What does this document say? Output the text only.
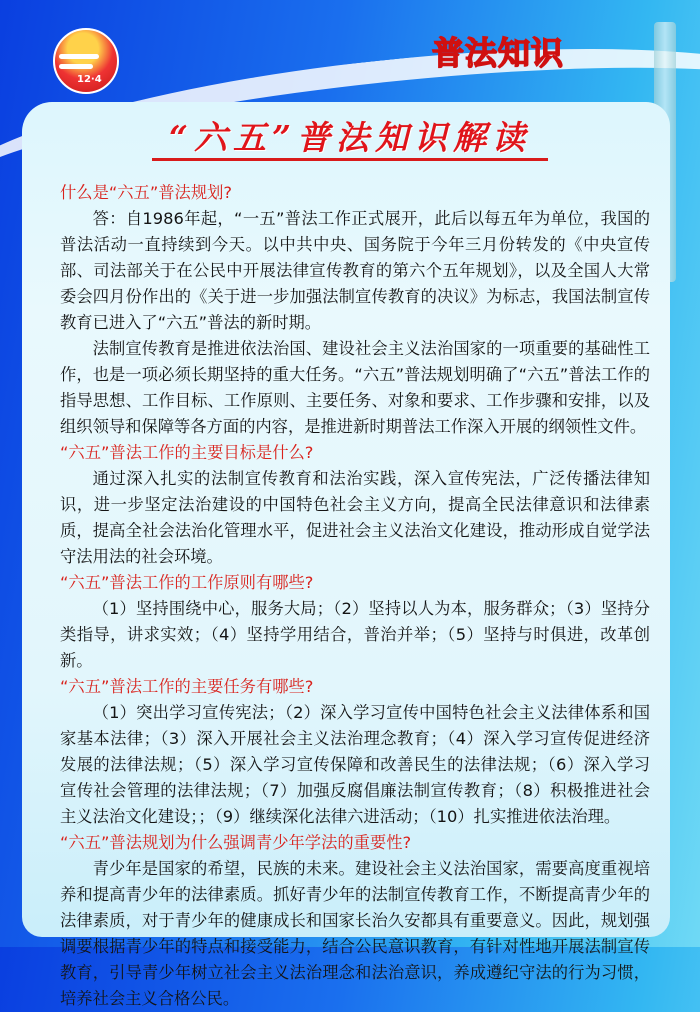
12·4
普法知识
“六五”普法知识解读

什么是“六五”普法规划?

答：自1986年起，“一五”普法工作正式展开，此后以每五年为单位，我国的普法活动一直持续到今天。以中共中央、国务院于今年三月份转发的《中央宣传部、司法部关于在公民中开展法律宣传教育的第六个五年规划》，以及全国人大常委会四月份作出的《关于进一步加强法制宣传教育的决议》为标志，我国法制宣传教育已进入了“六五”普法的新时期。

法制宣传教育是推进依法治国、建设社会主义法治国家的一项重要的基础性工作，也是一项必须长期坚持的重大任务。“六五”普法规划明确了“六五”普法工作的指导思想、工作目标、工作原则、主要任务、对象和要求、工作步骤和安排，以及组织领导和保障等各方面的内容，是推进新时期普法工作深入开展的纲领性文件。

“六五”普法工作的主要目标是什么?

通过深入扎实的法制宣传教育和法治实践，深入宣传宪法，广泛传播法律知识，进一步坚定法治建设的中国特色社会主义方向，提高全民法律意识和法律素质，提高全社会法治化管理水平，促进社会主义法治文化建设，推动形成自觉学法守法用法的社会环境。

“六五”普法工作的工作原则有哪些?

（1）坚持围绕中心，服务大局；（2）坚持以人为本，服务群众；（3）坚持分类指导，讲求实效；（4）坚持学用结合，普治并举；（5）坚持与时俱进，改革创新。

“六五”普法工作的主要任务有哪些?

（1）突出学习宣传宪法；（2）深入学习宣传中国特色社会主义法律体系和国家基本法律；（3）深入开展社会主义法治理念教育；（4）深入学习宣传促进经济发展的法律法规；（5）深入学习宣传保障和改善民生的法律法规；（6）深入学习宣传社会管理的法律法规；（7）加强反腐倡廉法制宣传教育；（8）积极推进社会主义法治文化建设；；（9）继续深化法律六进活动；（10）扎实推进依法治理。

“六五”普法规划为什么强调青少年学法的重要性?

青少年是国家的希望，民族的未来。建设社会主义法治国家，需要高度重视培养和提高青少年的法律素质。抓好青少年的法制宣传教育工作，不断提高青少年的法律素质，对于青少年的健康成长和国家长治久安都具有重要意义。因此，规划强调要根据青少年的特点和接受能力，结合公民意识教育，有针对性地开展法制宣传教育，引导青少年树立社会主义法治理念和法治意识，养成遵纪守法的行为习惯，培养社会主义合格公民。
